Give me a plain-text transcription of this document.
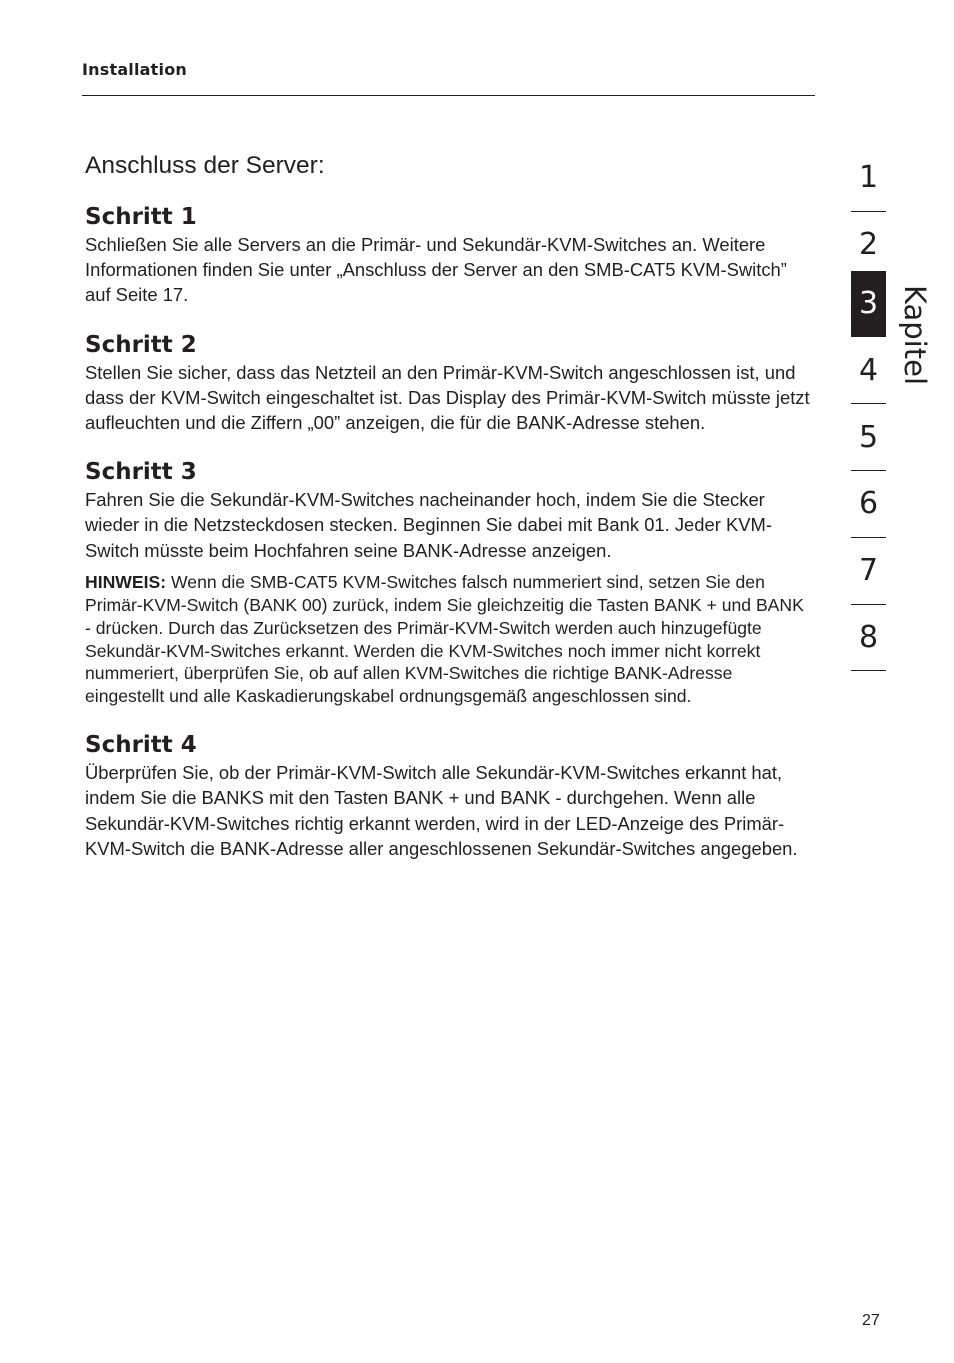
Installation
Anschluss der Server:
Schritt 1

Schließen Sie alle Servers an die Primär- und Sekundär-KVM-Switches an. Weitere Informationen finden Sie unter „Anschluss der Server an den SMB-CAT5 KVM-Switch” auf Seite 17.

Schritt 2

Stellen Sie sicher, dass das Netzteil an den Primär-KVM-Switch angeschlossen ist, und dass der KVM-Switch eingeschaltet ist. Das Display des Primär-KVM-Switch müsste jetzt aufleuchten und die Ziffern „00” anzeigen, die für die BANK-Adresse stehen.

Schritt 3

Fahren Sie die Sekundär-KVM-Switches nacheinander hoch, indem Sie die Stecker wieder in die Netzsteckdosen stecken. Beginnen Sie dabei mit Bank 01. Jeder KVM-Switch müsste beim Hochfahren seine BANK-Adresse anzeigen.

HINWEIS: Wenn die SMB-CAT5 KVM-Switches falsch nummeriert sind, setzen Sie den Primär-KVM-Switch (BANK 00) zurück, indem Sie gleichzeitig die Tasten BANK + und BANK - drücken. Durch das Zurücksetzen des Primär-KVM-Switch werden auch hinzugefügte Sekundär-KVM-Switches erkannt. Werden die KVM-Switches noch immer nicht korrekt nummeriert, überprüfen Sie, ob auf allen KVM-Switches die richtige BANK-Adresse eingestellt und alle Kaskadierungskabel ordnungsgemäß angeschlossen sind.

Schritt 4

Überprüfen Sie, ob der Primär-KVM-Switch alle Sekundär-KVM-Switches erkannt hat, indem Sie die BANKS mit den Tasten BANK + und BANK - durchgehen. Wenn alle Sekundär-KVM-Switches richtig erkannt werden, wird in der LED-Anzeige des Primär-KVM-Switch die BANK-Adresse aller angeschlossenen Sekundär-Switches angegeben.

1
2
3
4
5
6
7
8
Kapitel
27
